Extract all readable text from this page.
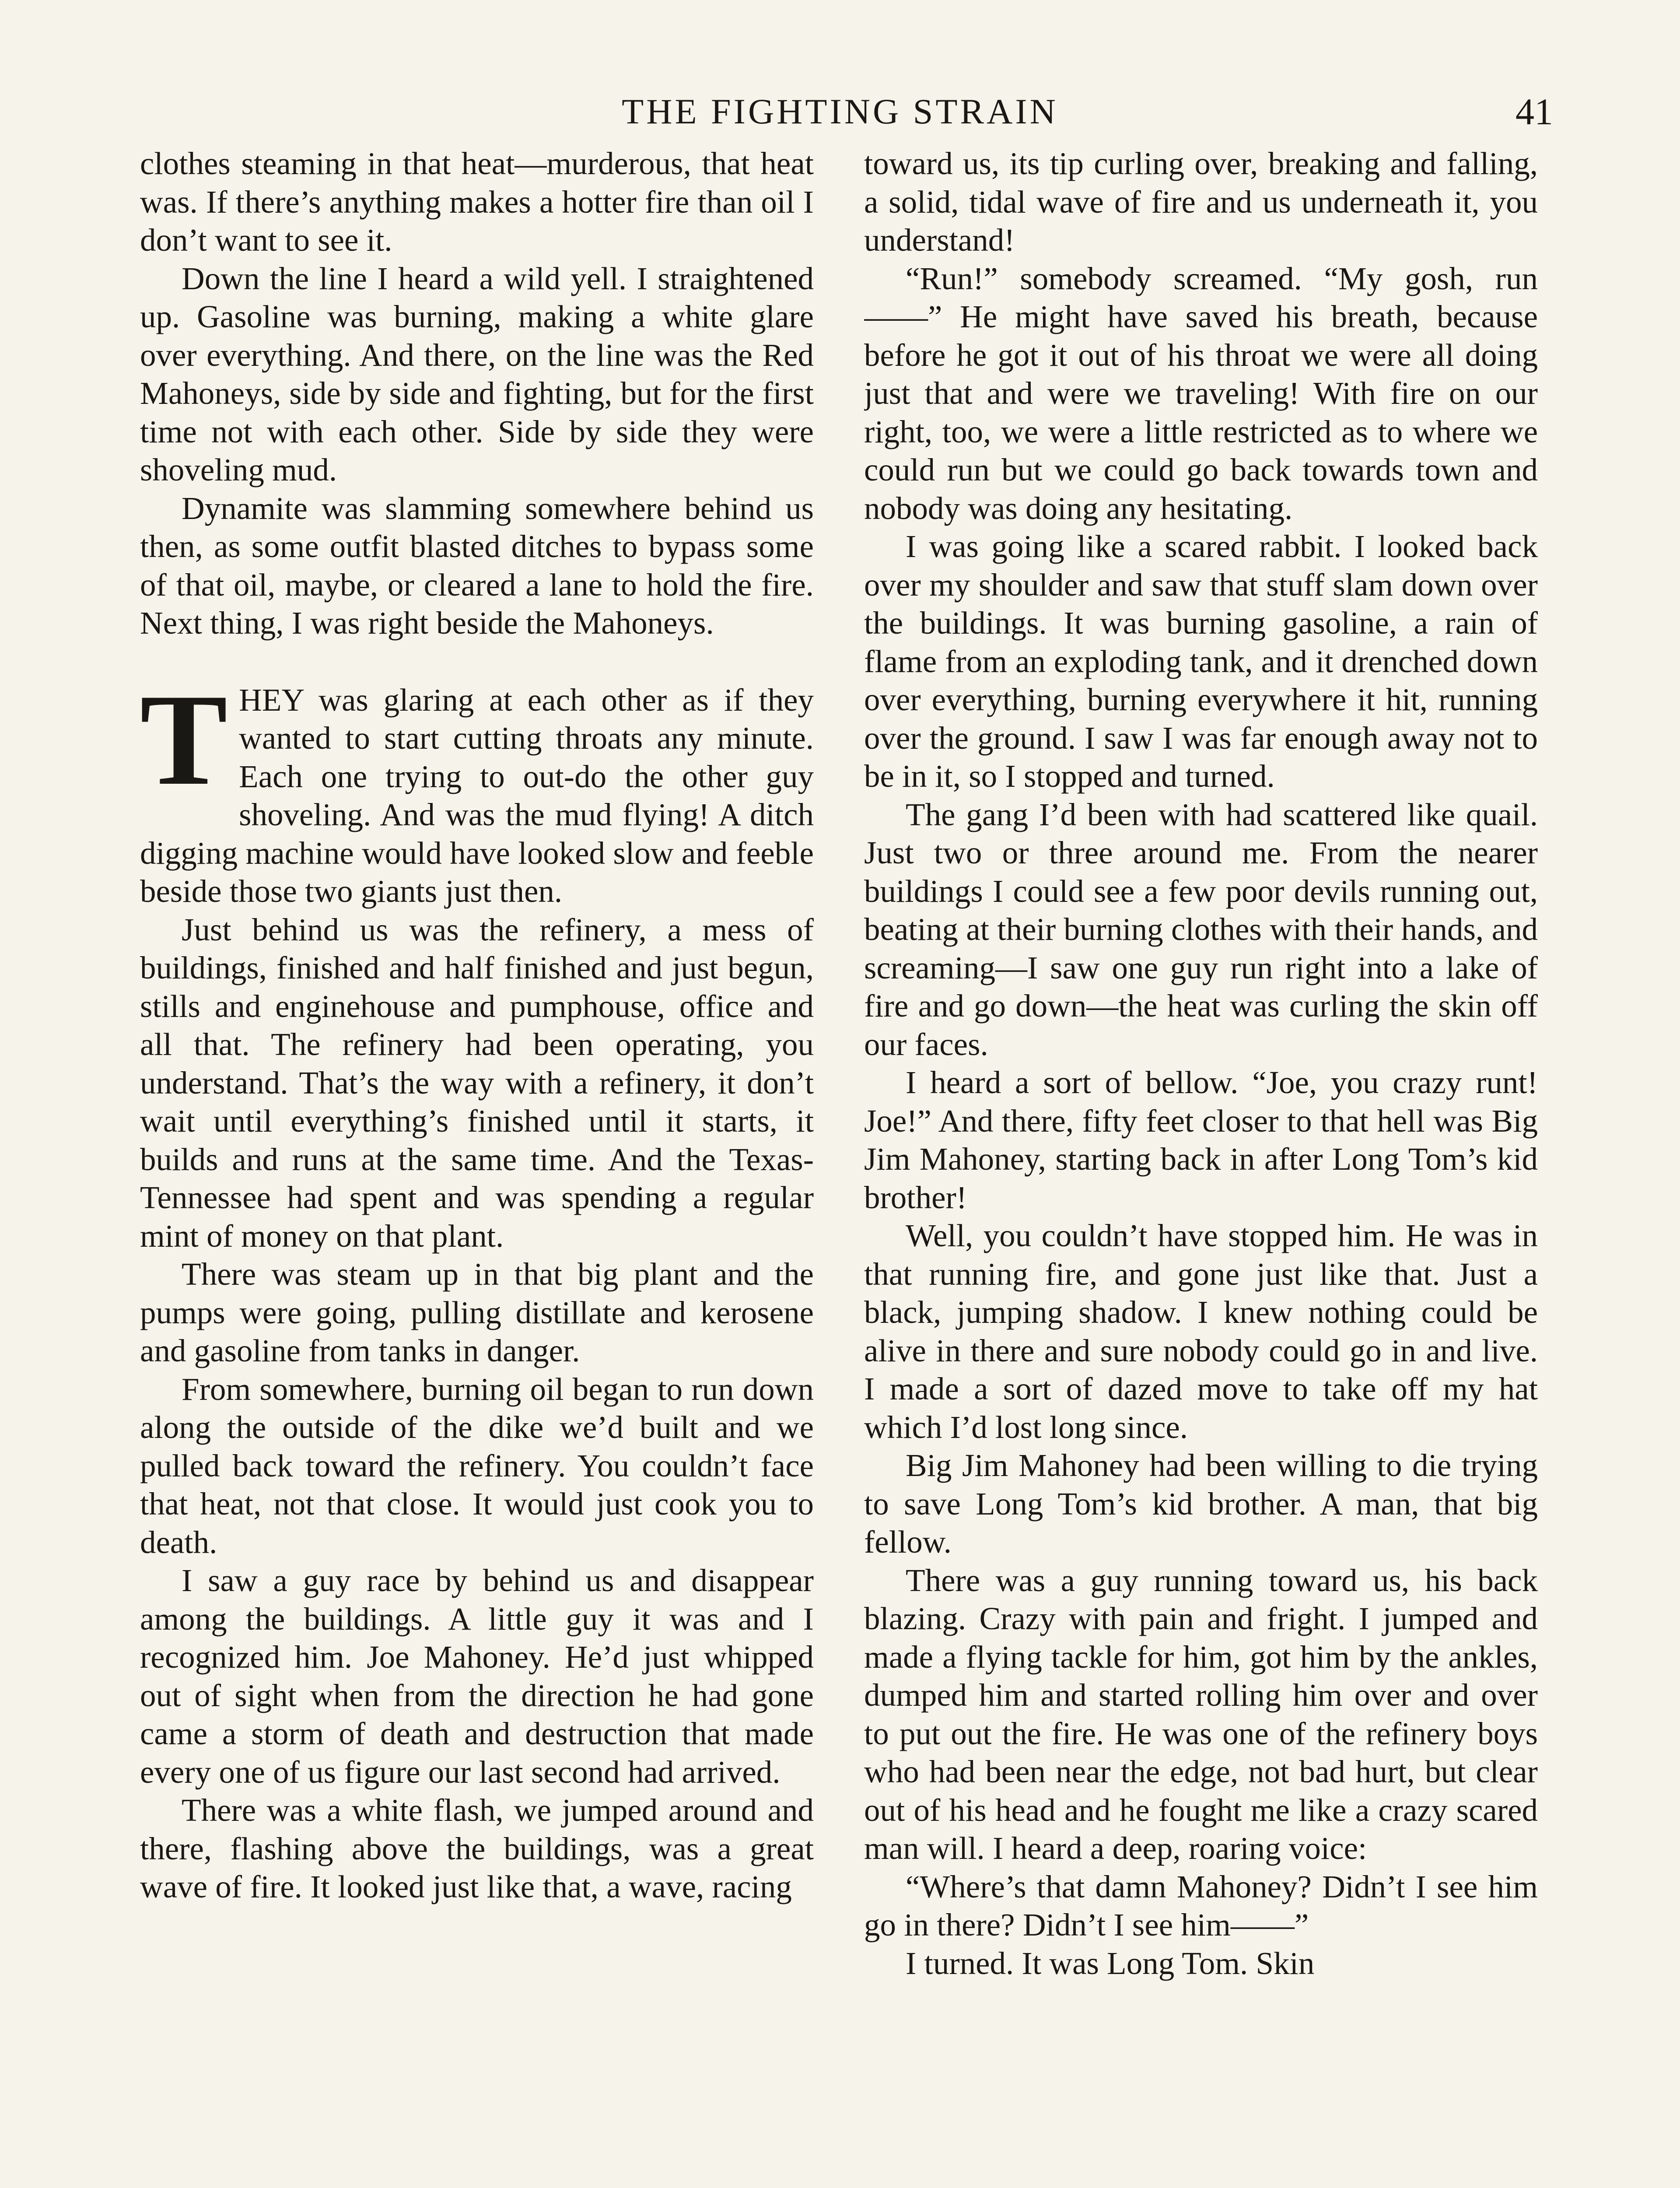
THE FIGHTING STRAIN	41

clothes steaming in that heat—murderous, that heat was. If there’s anything makes a hotter fire than oil I don’t want to see it.

Down the line I heard a wild yell. I straightened up. Gasoline was burning, making a white glare over everything. And there, on the line was the Red Mahoneys, side by side and fighting, but for the first time not with each other. Side by side they were shoveling mud.

Dynamite was slamming somewhere behind us then, as some outfit blasted ditches to bypass some of that oil, maybe, or cleared a lane to hold the fire. Next thing, I was right beside the Mahoneys.

THEY was glaring at each other as if they wanted to start cutting throats any minute. Each one trying to out-do the other guy shoveling. And was the mud flying! A ditch digging machine would have looked slow and feeble beside those two giants just then.

Just behind us was the refinery, a mess of buildings, finished and half finished and just begun, stills and enginehouse and pumphouse, office and all that. The refinery had been operating, you understand. That’s the way with a refinery, it don’t wait until everything’s finished until it starts, it builds and runs at the same time. And the Texas-Tennessee had spent and was spending a regular mint of money on that plant.

There was steam up in that big plant and the pumps were going, pulling distillate and kerosene and gasoline from tanks in danger.

From somewhere, burning oil began to run down along the outside of the dike we’d built and we pulled back toward the refinery. You couldn’t face that heat, not that close. It would just cook you to death.

I saw a guy race by behind us and disappear among the buildings. A little guy it was and I recognized him. Joe Mahoney. He’d just whipped out of sight when from the direction he had gone came a storm of death and destruction that made every one of us figure our last second had arrived.

There was a white flash, we jumped around and there, flashing above the buildings, was a great wave of fire. It looked just like that, a wave, racing

toward us, its tip curling over, breaking and falling, a solid, tidal wave of fire and us underneath it, you understand!

“Run!” somebody screamed. “My gosh, run——” He might have saved his breath, because before he got it out of his throat we were all doing just that and were we traveling! With fire on our right, too, we were a little restricted as to where we could run but we could go back towards town and nobody was doing any hesitating.

I was going like a scared rabbit. I looked back over my shoulder and saw that stuff slam down over the buildings. It was burning gasoline, a rain of flame from an exploding tank, and it drenched down over everything, burning everywhere it hit, running over the ground. I saw I was far enough away not to be in it, so I stopped and turned.

The gang I’d been with had scattered like quail. Just two or three around me. From the nearer buildings I could see a few poor devils running out, beating at their burning clothes with their hands, and screaming—I saw one guy run right into a lake of fire and go down—the heat was curling the skin off our faces.

I heard a sort of bellow. “Joe, you crazy runt! Joe!” And there, fifty feet closer to that hell was Big Jim Mahoney, starting back in after Long Tom’s kid brother!

Well, you couldn’t have stopped him. He was in that running fire, and gone just like that. Just a black, jumping shadow. I knew nothing could be alive in there and sure nobody could go in and live. I made a sort of dazed move to take off my hat which I’d lost long since.

Big Jim Mahoney had been willing to die trying to save Long Tom’s kid brother. A man, that big fellow.

There was a guy running toward us, his back blazing. Crazy with pain and fright. I jumped and made a flying tackle for him, got him by the ankles, dumped him and started rolling him over and over to put out the fire. He was one of the refinery boys who had been near the edge, not bad hurt, but clear out of his head and he fought me like a crazy scared man will. I heard a deep, roaring voice:

“Where’s that damn Mahoney? Didn’t I see him go in there? Didn’t I see him——”

I turned. It was Long Tom. Skin
